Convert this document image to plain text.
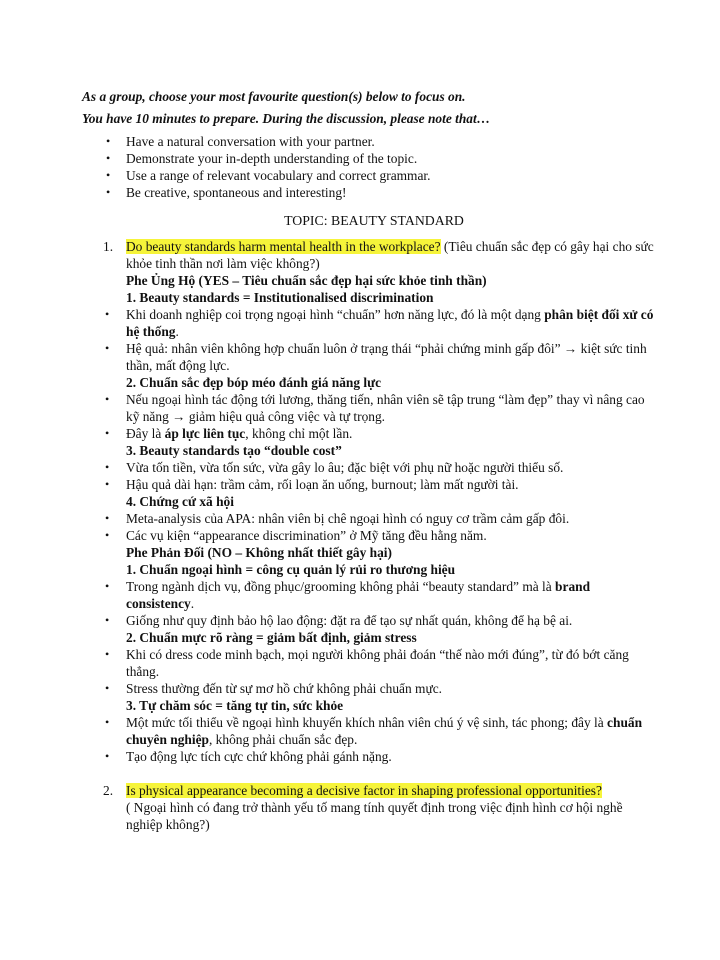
As a group, choose your most favourite question(s) below to focus on.

You have 10 minutes to prepare. During the discussion, please note that…

• Have a natural conversation with your partner.
• Demonstrate your in-depth understanding of the topic.
• Use a range of relevant vocabulary and correct grammar.
• Be creative, spontaneous and interesting!

TOPIC: BEAUTY STANDARD

1. Do beauty standards harm mental health in the workplace? (Tiêu chuẩn sắc đẹp có gây hại cho sức khỏe tinh thần nơi làm việc không?)

Phe Ủng Hộ (YES – Tiêu chuẩn sắc đẹp hại sức khỏe tinh thần)

1. Beauty standards = Institutionalised discrimination

• Khi doanh nghiệp coi trọng ngoại hình “chuẩn” hơn năng lực, đó là một dạng phân biệt đối xử có hệ thống.

• Hệ quả: nhân viên không hợp chuẩn luôn ở trạng thái “phải chứng minh gấp đôi” → kiệt sức tinh thần, mất động lực.

2. Chuẩn sắc đẹp bóp méo đánh giá năng lực

• Nếu ngoại hình tác động tới lương, thăng tiến, nhân viên sẽ tập trung “làm đẹp” thay vì nâng cao kỹ năng → giảm hiệu quả công việc và tự trọng.

• Đây là áp lực liên tục, không chỉ một lần.

3. Beauty standards tạo “double cost”

• Vừa tốn tiền, vừa tốn sức, vừa gây lo âu; đặc biệt với phụ nữ hoặc người thiểu số.

• Hậu quả dài hạn: trầm cảm, rối loạn ăn uống, burnout; làm mất người tài.

4. Chứng cứ xã hội

• Meta-analysis của APA: nhân viên bị chê ngoại hình có nguy cơ trầm cảm gấp đôi.

• Các vụ kiện “appearance discrimination” ở Mỹ tăng đều hằng năm.

Phe Phản Đối (NO – Không nhất thiết gây hại)

1. Chuẩn ngoại hình = công cụ quản lý rủi ro thương hiệu

• Trong ngành dịch vụ, đồng phục/grooming không phải “beauty standard” mà là brand consistency.

• Giống như quy định bảo hộ lao động: đặt ra để tạo sự nhất quán, không để hạ bệ ai.

2. Chuẩn mực rõ ràng = giảm bất định, giảm stress

• Khi có dress code minh bạch, mọi người không phải đoán “thế nào mới đúng”, từ đó bớt căng thẳng.

• Stress thường đến từ sự mơ hồ chứ không phải chuẩn mực.

3. Tự chăm sóc = tăng tự tin, sức khỏe

• Một mức tối thiểu về ngoại hình khuyến khích nhân viên chú ý vệ sinh, tác phong; đây là chuẩn chuyên nghiệp, không phải chuẩn sắc đẹp.

• Tạo động lực tích cực chứ không phải gánh nặng.

2. Is physical appearance becoming a decisive factor in shaping professional opportunities?

( Ngoại hình có đang trở thành yếu tố mang tính quyết định trong việc định hình cơ hội nghề nghiệp không?)
